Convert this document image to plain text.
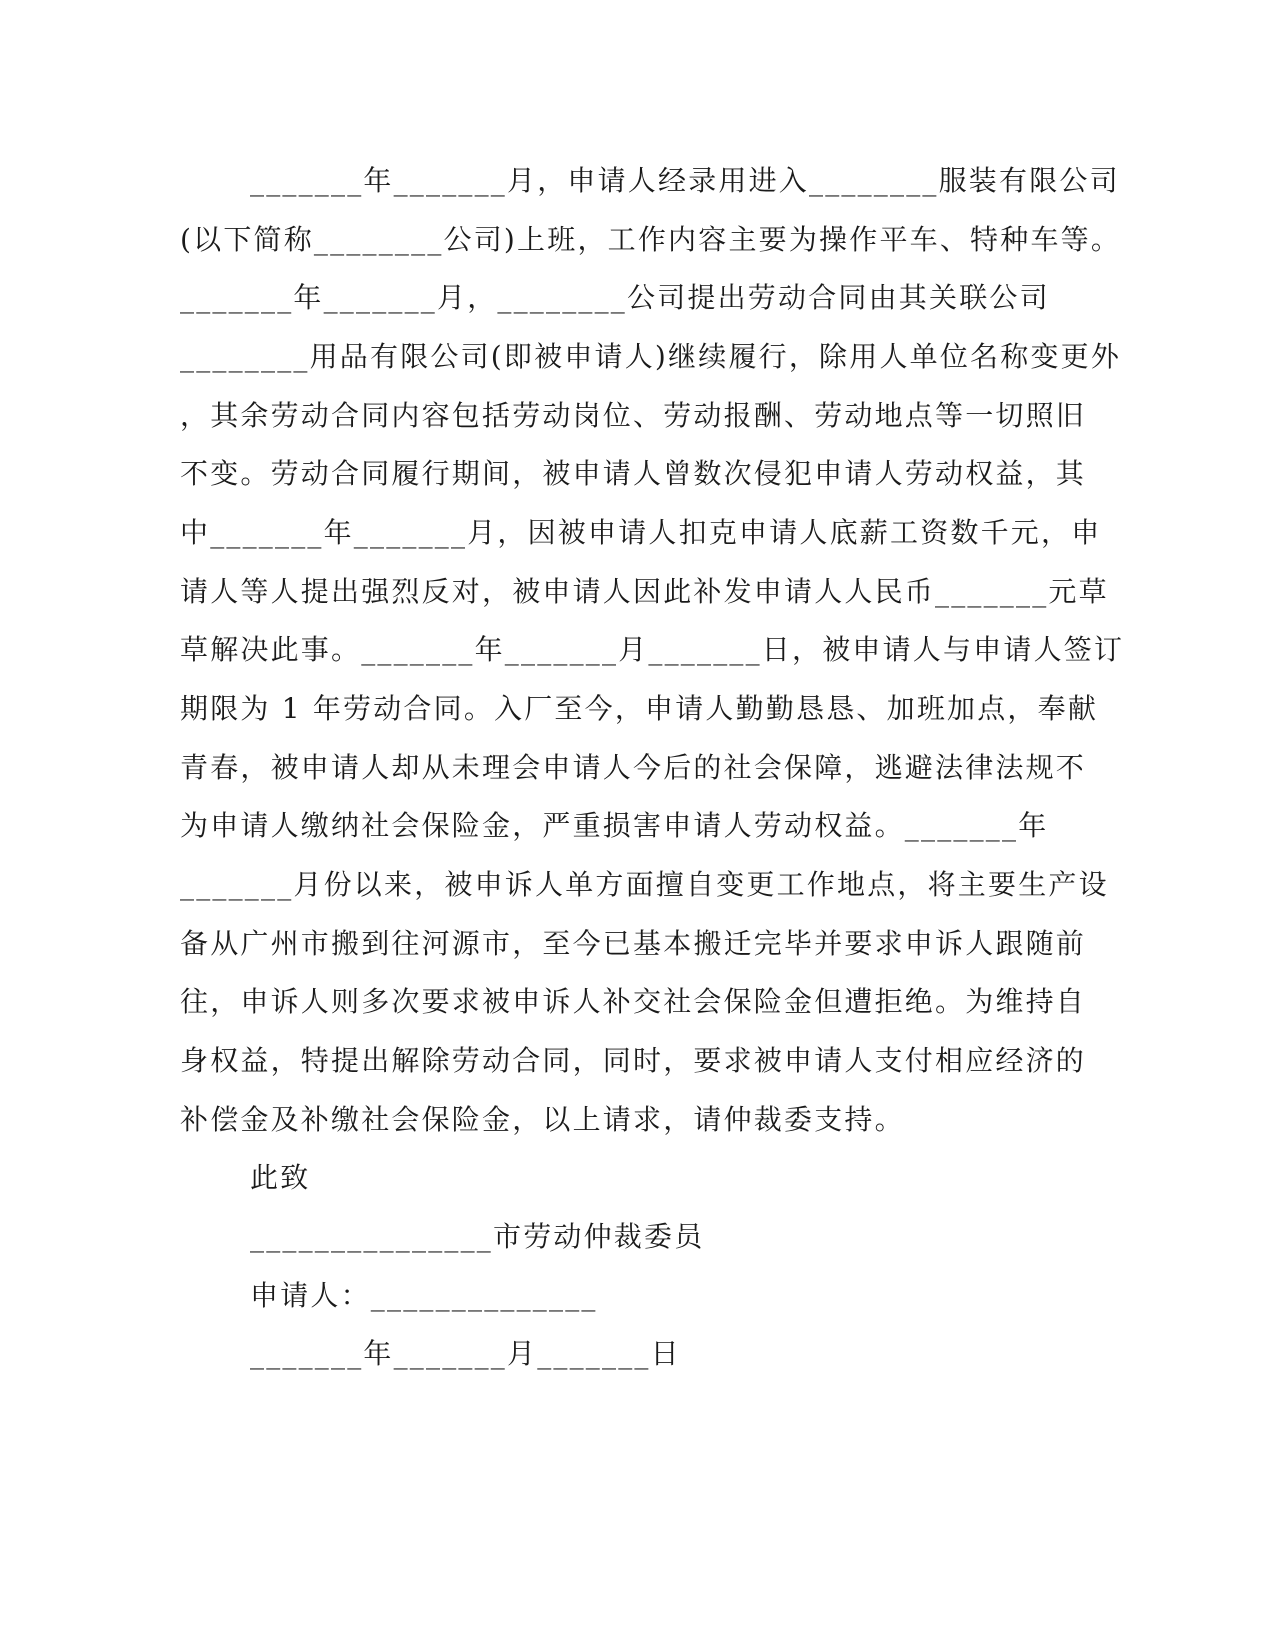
_______年_______月，申请人经录用进入________服装有限公司
(以下简称________公司)上班，工作内容主要为操作平车、特种车等。
_______年_______月，________公司提出劳动合同由其关联公司
________用品有限公司(即被申请人)继续履行，除用人单位名称变更外
，其余劳动合同内容包括劳动岗位、劳动报酬、劳动地点等一切照旧
不变。劳动合同履行期间，被申请人曾数次侵犯申请人劳动权益，其
中_______年_______月，因被申请人扣克申请人底薪工资数千元，申
请人等人提出强烈反对，被申请人因此补发申请人人民币_______元草
草解决此事。_______年_______月_______日，被申请人与申请人签订
期限为 1 年劳动合同。入厂至今，申请人勤勤恳恳、加班加点，奉献
青春，被申请人却从未理会申请人今后的社会保障，逃避法律法规不
为申请人缴纳社会保险金，严重损害申请人劳动权益。_______年
_______月份以来，被申诉人单方面擅自变更工作地点，将主要生产设
备从广州市搬到往河源市，至今已基本搬迁完毕并要求申诉人跟随前
往，申诉人则多次要求被申诉人补交社会保险金但遭拒绝。为维持自
身权益，特提出解除劳动合同，同时，要求被申请人支付相应经济的
补偿金及补缴社会保险金，以上请求，请仲裁委支持。
此致
_______________市劳动仲裁委员
申请人：______________
_______年_______月_______日
